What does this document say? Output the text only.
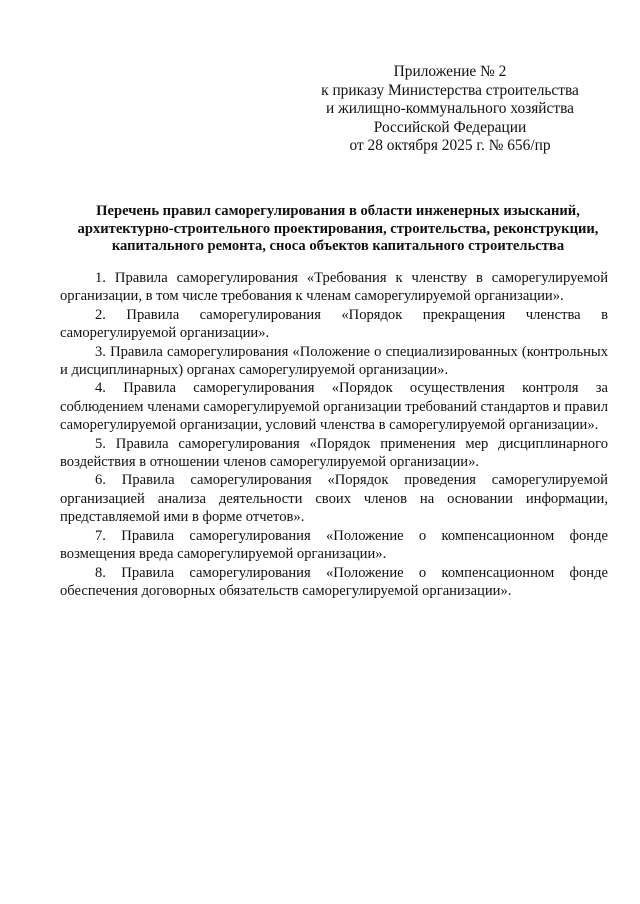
Приложение № 2
к приказу Министерства строительства
и жилищно-коммунального хозяйства
Российской Федерации
от 28 октября 2025 г. № 656/пр
Перечень правил саморегулирования в области инженерных изысканий,
архитектурно-строительного проектирования, строительства, реконструкции,
капитального ремонта, сноса объектов капитального строительства

1. Правила саморегулирования «Требования к членству в саморегулируемой организации, в том числе требования к членам саморегулируемой организации».

2. Правила саморегулирования «Порядок прекращения членства в саморегулируемой организации».

3. Правила саморегулирования «Положение о специализированных (контрольных и дисциплинарных) органах саморегулируемой организации».

4. Правила саморегулирования «Порядок осуществления контроля за соблюдением членами саморегулируемой организации требований стандартов и правил саморегулируемой организации, условий членства в саморегулируемой организации».

5. Правила саморегулирования «Порядок применения мер дисциплинарного воздействия в отношении членов саморегулируемой организации».

6. Правила саморегулирования «Порядок проведения саморегулируемой организацией анализа деятельности своих членов на основании информации, представляемой ими в форме отчетов».

7. Правила саморегулирования «Положение о компенсационном фонде возмещения вреда саморегулируемой организации».

8. Правила саморегулирования «Положение о компенсационном фонде обеспечения договорных обязательств саморегулируемой организации».
